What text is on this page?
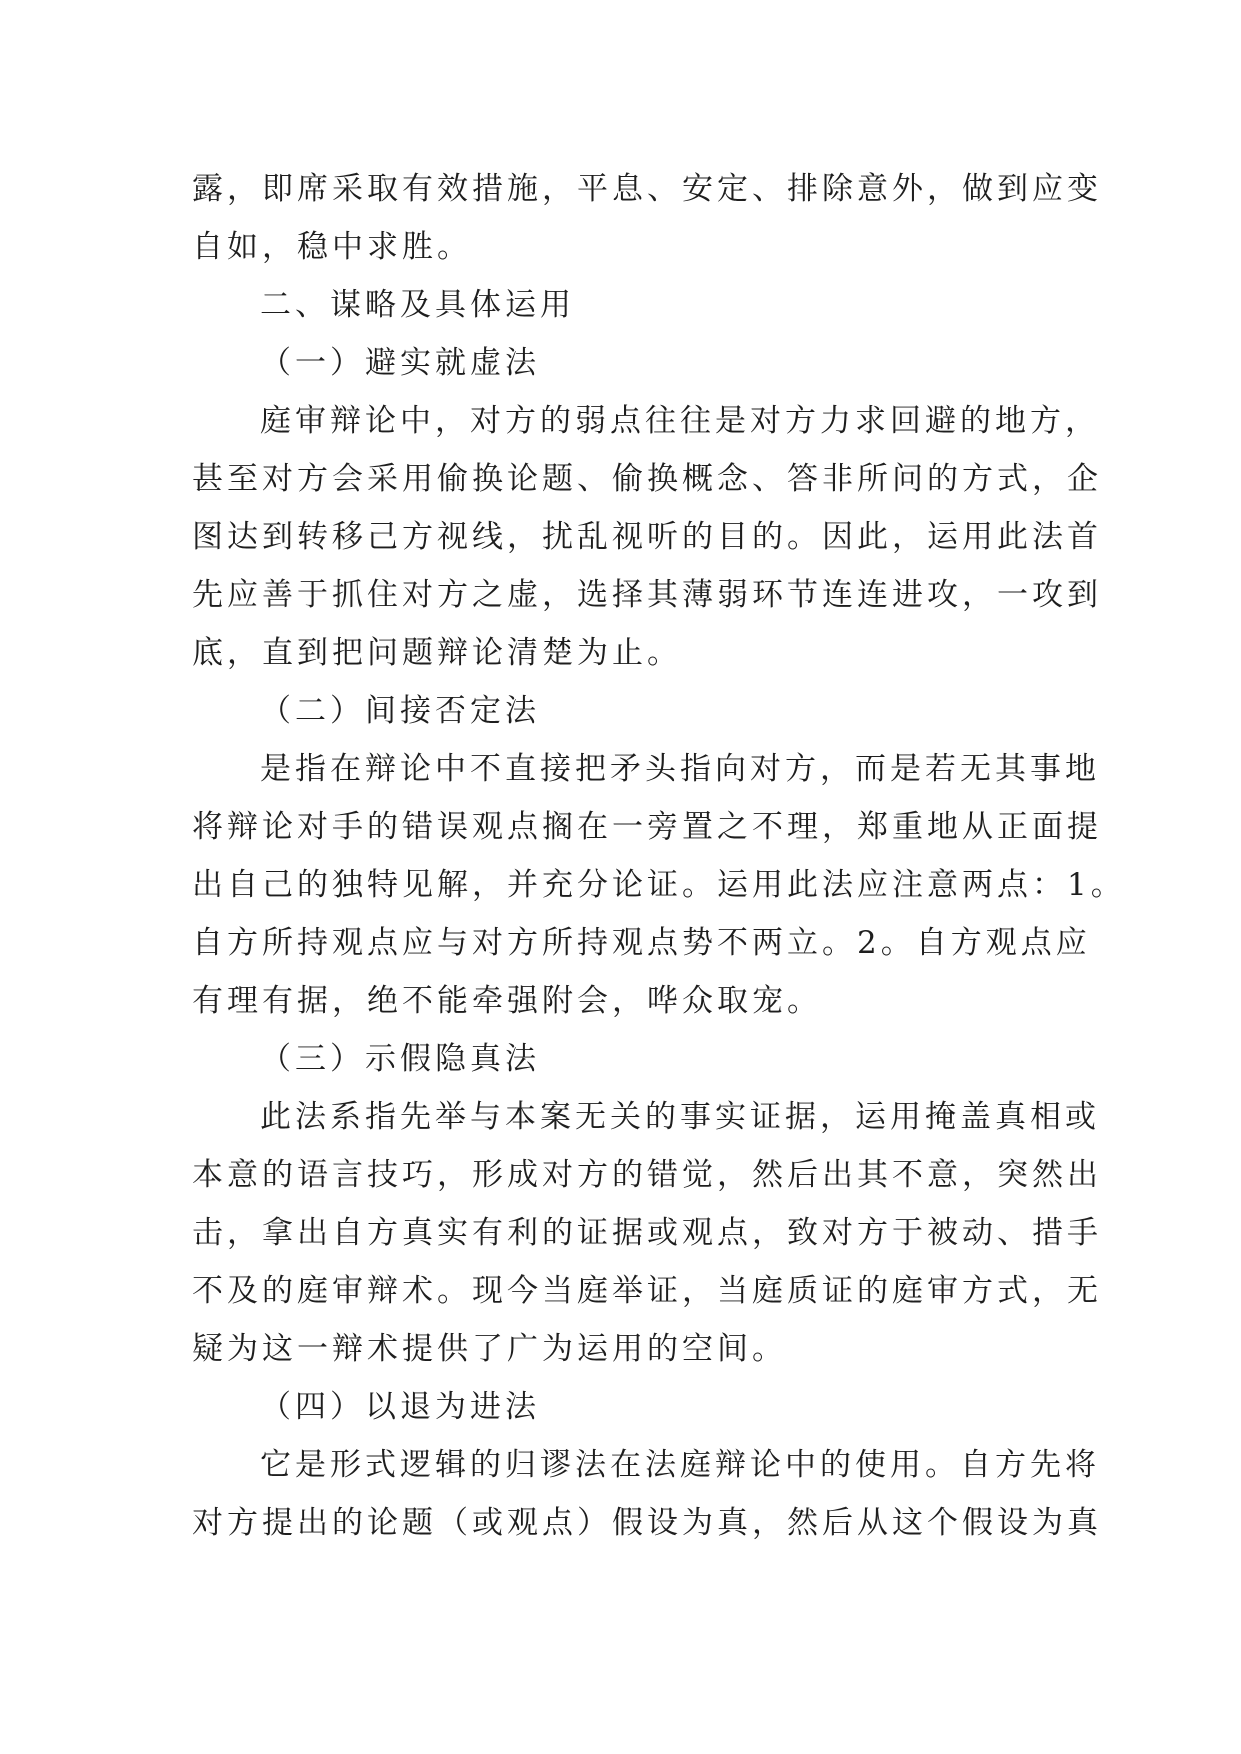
露，即席采取有效措施，平息、安定、排除意外，做到应变
自如，稳中求胜。
二、谋略及具体运用
（一）避实就虚法
庭审辩论中，对方的弱点往往是对方力求回避的地方，
甚至对方会采用偷换论题、偷换概念、答非所问的方式，企
图达到转移己方视线，扰乱视听的目的。因此，运用此法首
先应善于抓住对方之虚，选择其薄弱环节连连进攻，一攻到
底，直到把问题辩论清楚为止。
（二）间接否定法
是指在辩论中不直接把矛头指向对方，而是若无其事地
将辩论对手的错误观点搁在一旁置之不理，郑重地从正面提
出自己的独特见解，并充分论证。运用此法应注意两点：1。
自方所持观点应与对方所持观点势不两立。2。自方观点应
有理有据，绝不能牵强附会，哗众取宠。
（三）示假隐真法
此法系指先举与本案无关的事实证据，运用掩盖真相或
本意的语言技巧，形成对方的错觉，然后出其不意，突然出
击，拿出自方真实有利的证据或观点，致对方于被动、措手
不及的庭审辩术。现今当庭举证，当庭质证的庭审方式，无
疑为这一辩术提供了广为运用的空间。
（四）以退为进法
它是形式逻辑的归谬法在法庭辩论中的使用。自方先将
对方提出的论题（或观点）假设为真，然后从这个假设为真
